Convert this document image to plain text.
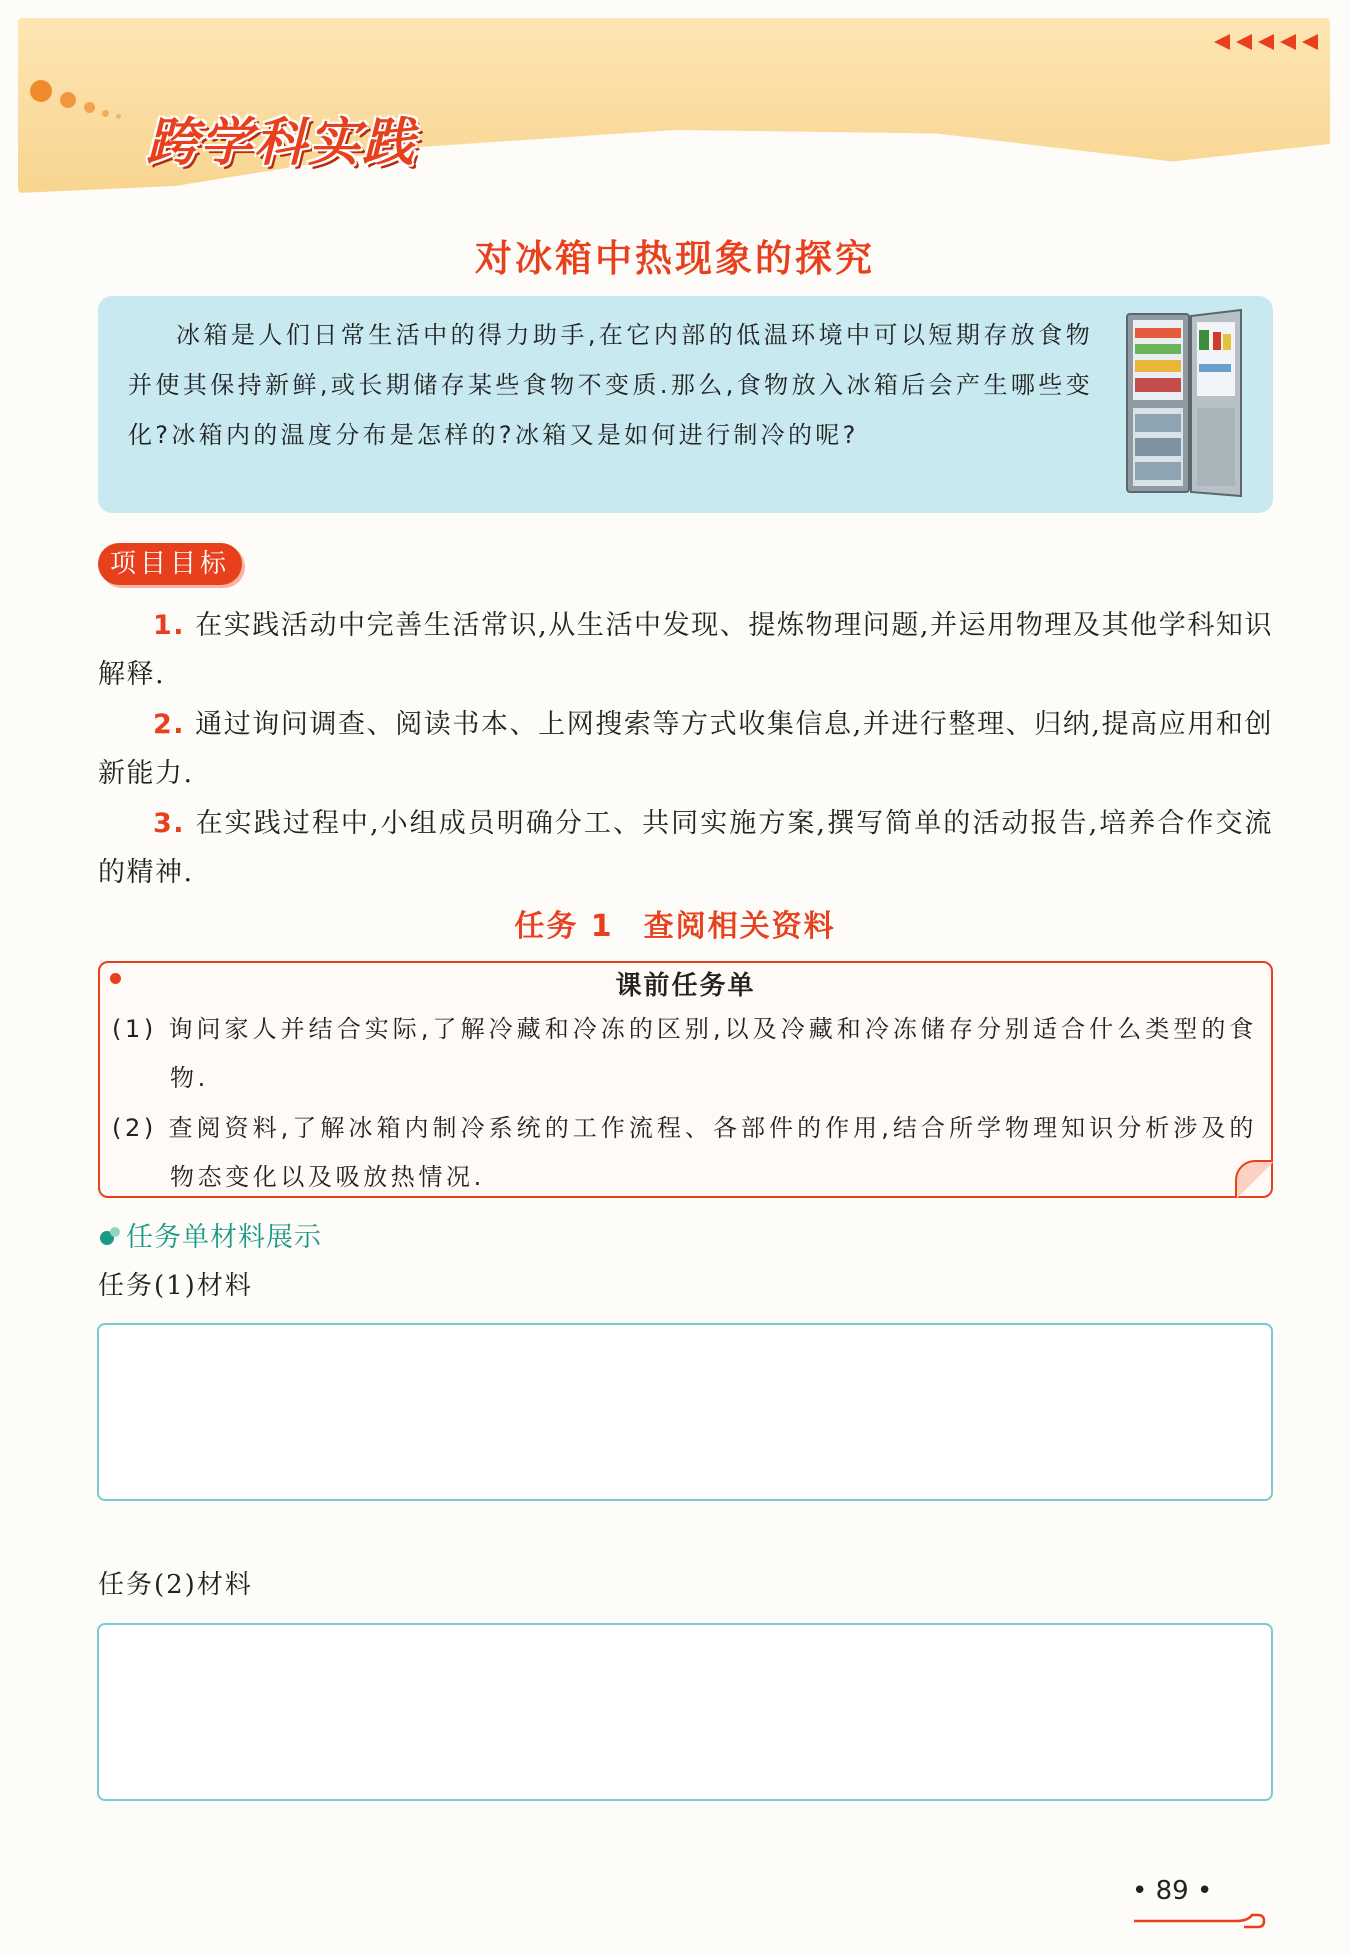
跨学科实践
对冰箱中热现象的探究
冰箱是人们日常生活中的得力助手,在它内部的低温环境中可以短期存放食物并使其保持新鲜,或长期储存某些食物不变质.那么,食物放入冰箱后会产生哪些变化?冰箱内的温度分布是怎样的?冰箱又是如何进行制冷的呢?
项目目标
1. 在实践活动中完善生活常识,从生活中发现、提炼物理问题,并运用物理及其他学科知识解释.
2. 通过询问调查、阅读书本、上网搜索等方式收集信息,并进行整理、归纳,提高应用和创新能力.
3. 在实践过程中,小组成员明确分工、共同实施方案,撰写简单的活动报告,培养合作交流的精神.
任务 1 查阅相关资料
课前任务单
(1) 询问家人并结合实际,了解冷藏和冷冻的区别,以及冷藏和冷冻储存分别适合什么类型的食物.
(2) 查阅资料,了解冰箱内制冷系统的工作流程、各部件的作用,结合所学物理知识分析涉及的物态变化以及吸放热情况.
任务单材料展示
任务(1)材料
任务(2)材料
• 89 •
